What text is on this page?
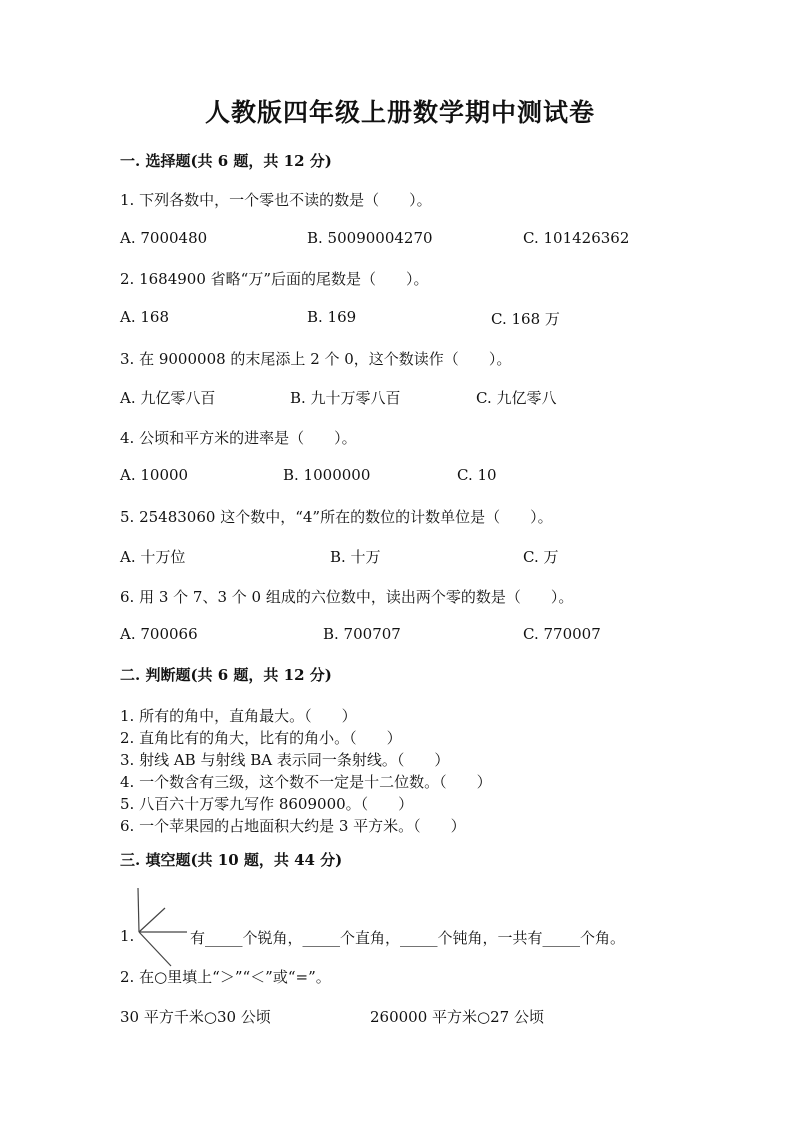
人教版四年级上册数学期中测试卷
一. 选择题(共 6 题，共 12 分)
1. 下列各数中，一个零也不读的数是（　　）。
A. 7000480	B. 50090004270	C. 101426362
2. 1684900 省略“万”后面的尾数是（　　）。
A. 168	B. 169	C. 168 万
3. 在 9000008 的末尾添上 2 个 0，这个数读作（　　）。
A. 九亿零八百	B. 九十万零八百	C. 九亿零八
4. 公顷和平方米的进率是（　　）。
A. 10000	B. 1000000	C. 10
5. 25483060 这个数中，“4”所在的数位的计数单位是（　　）。
A. 十万位	B. 十万	C. 万
6. 用 3 个 7、3 个 0 组成的六位数中，读出两个零的数是（　　）。
A. 700066	B. 700707	C. 770007
二. 判断题(共 6 题，共 12 分)
1. 所有的角中，直角最大。（　　）
2. 直角比有的角大，比有的角小。（　　）
3. 射线 AB 与射线 BA 表示同一条射线。（　　）
4. 一个数含有三级，这个数不一定是十二位数。（　　）
5. 八百六十万零九写作 8609000。（　　）
6. 一个苹果园的占地面积大约是 3 平方米。（　　）
三. 填空题(共 10 题，共 44 分)
1.	有_____个锐角，_____个直角，_____个钝角，一共有_____个角。
2. 在○里填上“＞”“＜”或“=”。
30 平方千米○30 公顷	260000 平方米○27 公顷
